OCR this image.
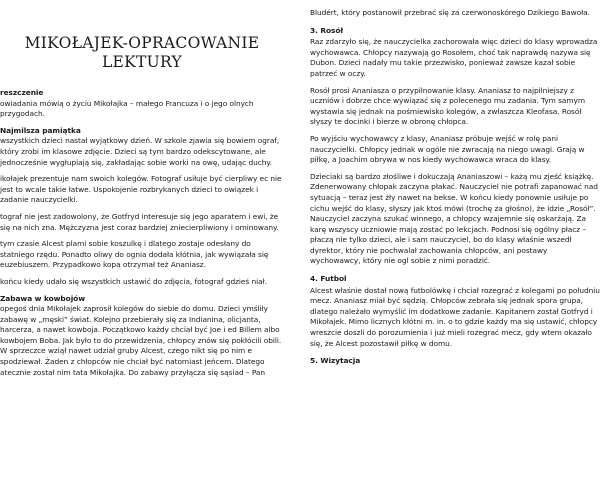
MIKOŁAJEK-OPRACOWANIE
LEKTURY
reszczenie

owiadania mówią o życiu Mikołajka – małego Francuza i o jego olnych przygodach.

Najmilsza pamiątka

wszystkich dzieci nastał wyjątkowy dzień. W szkole zjawia się bowiem ograf, który zrobi im klasowe zdjęcie. Dzieci są tym bardzo odekscytowane, ale jednocześnie wygłupiają się, zakładając sobie worki na owę, udając duchy.

ikołajek prezentuje nam swoich kolegów. Fotograf usiłuje być cierpliwy ec nie jest to wcale takie łatwe. Uspokojenie rozbrykanych dzieci to owiązek i zadanie nauczycielki.

tograf nie jest zadowolony, że Gotfryd interesuje się jego aparatem i ewi, że się na nich zna. Mężczyzna jest coraz bardziej zniecierpliwiony i ominowany.

tym czasie Alcest plami sobie koszulkę i dlatego zostaje odesłany do statniego rzędu. Ponadto oliwy do ognia dodała kłótnia, jak wywiązała się euzebiuszem. Przypadkowo kopa otrzymał też Ananiasz.

końcu kiedy udało się wszystkich ustawić do zdjęcia, fotograf gdzieś niał.

Zabawa w kowbojów

opegoś dnia Mikołajek zaprosił kolegów do siebie do domu. Dzieci ymśliły zabawę w „męski” świat. Kolejno przebierały się za Indianina, olicjanta, harcerza, a nawet kowboja. Początkowo każdy chciał być Joe i ed Billem albo kowbojem Boba. Jak było to do przewidzenia, chłopcy znów się pokłócili obili. W sprzeczce wziął nawet udział gruby Alcest, czego nikt się po nim e spodziewał. Żaden z chłopców nie chciał być natomiast jeńcem. Dlatego atecznie został nim tata Mikołajka. Do zabawy przyłącza się sąsiad – Pan

Bludért, który postanowił przebrać się za czerwonoskórego Dzikiego Bawoła.

3. Rosół

Raz zdarzyło się, że nauczycielka zachorowała więc dzieci do klasy wprowadza wychowawca. Chłopcy nazywają go Rosołem, choć tak naprawdę nazywa się Dubon. Dzieci nadały mu takie przezwisko, ponieważ zawsze kazał sobie patrzeć w oczy.

Rosół prosi Ananiasza o przypilnowanie klasy. Ananiasz to najpilniejszy z uczniów i dobrze chce wywiązać się z polecenego mu zadania. Tym samym wystawia się jednak na pośmiewisko kolegów, a zwłaszcza Kleofasa. Rosół słyszy te docinki i bierze w obronę chłopca.

Po wyjściu wychowawcy z klasy, Ananiasz próbuje wejść w rolę pani nauczycielki. Chłopcy jednak w ogóle nie zwracają na niego uwagi. Grają w piłkę, a Joachim obrywa w nos kiedy wychowawca wraca do klasy.

Dzieciaki są bardzo złośliwe i dokuczają Ananiaszowi – każą mu zjeść książkę. Zdenerwowany chłopak zaczyna płakać. Nauczyciel nie potrafi zapanować nad sytuacją – teraz jest żły nawet na bekse. W końcu kiedy ponownie usiłuje po cichu wejść do klasy, słyszy jak ktoś mówi (trochę za głośno), że idzie „Rosół”. Nauczyciel zaczyna szukać winnego, a chłopcy wzajemnie się oskarżają. Za karę wszyscy uczniowie mają zostać po lekcjach. Podnosi się ogólny płacz – płaczą nie tylko dzieci, ale i sam nauczyciel, bo do klasy właśnie wszedł dyrektor, który nie pochwalał zachowania chłopców, ani postawy wychowawcy, który nie ogl sobie z nimi poradzić.

4. Futbol

Alcest właśnie dostał nową futbolówkę i chciał rozegrać z kolegami po południu mecz. Ananiasz miał być sędzią. Chłopców zebrała się jednak spora grupa, dlatego należało wymyślić im dodatkowe zadanie. Kapitanem został Gotfryd i Mikołajek. Mimo licznych kłótni m. in. o to gdzie każdy ma się ustawić, chłopcy wreszcie doszli do porozumienia i już mieli rozegrać mecz, gdy wtem okazało się, że Alcest pozostawił piłkę w domu.

5. Wizytacja
